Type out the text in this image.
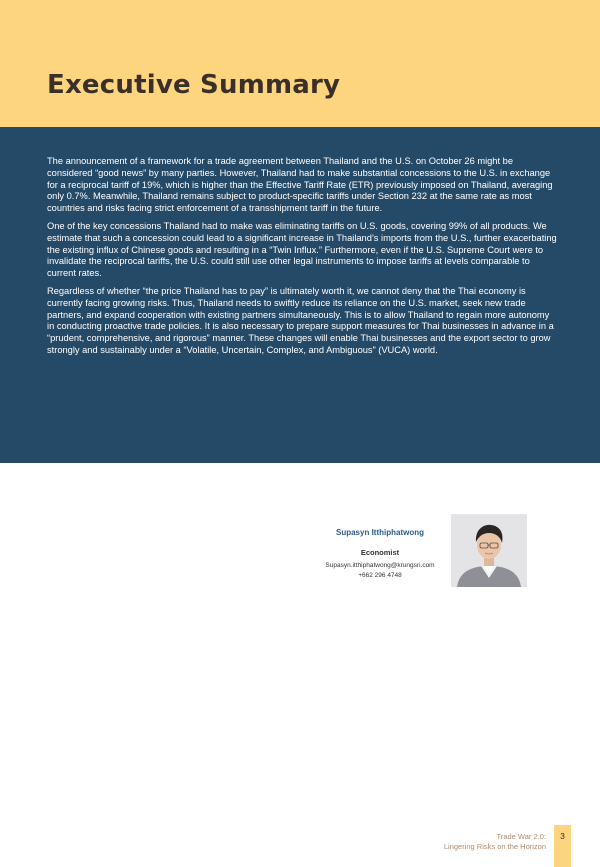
Executive Summary

The announcement of a framework for a trade agreement between Thailand and the U.S. on October 26 might be considered “good news” by many parties. However, Thailand had to make substantial concessions to the U.S. in exchange for a reciprocal tariff of 19%, which is higher than the Effective Tariff Rate (ETR) previously imposed on Thailand, averaging only 0.7%. Meanwhile, Thailand remains subject to product-specific tariffs under Section 232 at the same rate as most countries and risks facing strict enforcement of a transshipment tariff in the future.

One of the key concessions Thailand had to make was eliminating tariffs on U.S. goods, covering 99% of all products. We estimate that such a concession could lead to a significant increase in Thailand’s imports from the U.S., further exacerbating the existing influx of Chinese goods and resulting in a “Twin Influx.” Furthermore, even if the U.S. Supreme Court were to invalidate the reciprocal tariffs, the U.S. could still use other legal instruments to impose tariffs at levels comparable to current rates.

Regardless of whether “the price Thailand has to pay” is ultimately worth it, we cannot deny that the Thai economy is currently facing growing risks. Thus, Thailand needs to swiftly reduce its reliance on the U.S. market, seek new trade partners, and expand cooperation with existing partners simultaneously. This is to allow Thailand to regain more autonomy in conducting proactive trade policies. It is also necessary to prepare support measures for Thai businesses in advance in a “prudent, comprehensive, and rigorous” manner. These changes will enable Thai businesses and the export sector to grow strongly and sustainably under a “Volatile, Uncertain, Complex, and Ambiguous” (VUCA) world.

Supasyn Itthiphatwong
Economist
Supasyn.itthiphatwong@krungsri.com
+662 296 4748
Trade War 2.0:
Lingering Risks on the Horizon
3
